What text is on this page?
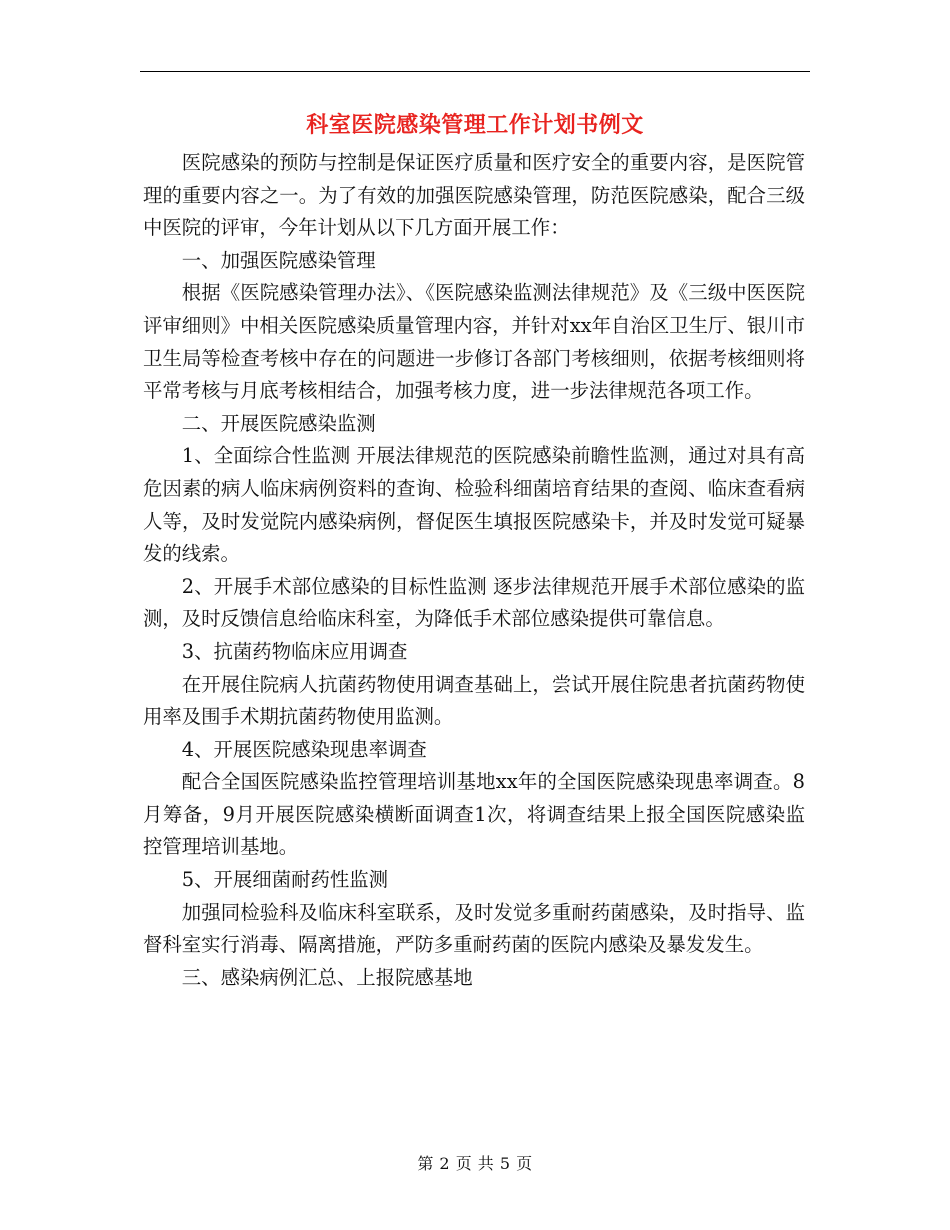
科室医院感染管理工作计划书例文

医院感染的预防与控制是保证医疗质量和医疗安全的重要内容，是医院管理的重要内容之一。为了有效的加强医院感染管理，防范医院感染，配合三级中医院的评审，今年计划从以下几方面开展工作：

一、加强医院感染管理

根据《医院感染管理办法》、《医院感染监测法律规范》及《三级中医医院评审细则》中相关医院感染质量管理内容，并针对xx年自治区卫生厅、银川市卫生局等检查考核中存在的问题进一步修订各部门考核细则，依据考核细则将平常考核与月底考核相结合，加强考核力度，进一步法律规范各项工作。

二、开展医院感染监测

1、全面综合性监测 开展法律规范的医院感染前瞻性监测，通过对具有高危因素的病人临床病例资料的查询、检验科细菌培育结果的查阅、临床查看病人等，及时发觉院内感染病例，督促医生填报医院感染卡，并及时发觉可疑暴发的线索。

2、开展手术部位感染的目标性监测 逐步法律规范开展手术部位感染的监测，及时反馈信息给临床科室，为降低手术部位感染提供可靠信息。

3、抗菌药物临床应用调查

在开展住院病人抗菌药物使用调查基础上，尝试开展住院患者抗菌药物使用率及围手术期抗菌药物使用监测。

4、开展医院感染现患率调查

配合全国医院感染监控管理培训基地xx年的全国医院感染现患率调查。8月筹备，9月开展医院感染横断面调查1次，将调查结果上报全国医院感染监控管理培训基地。

5、开展细菌耐药性监测

加强同检验科及临床科室联系，及时发觉多重耐药菌感染，及时指导、监督科室实行消毒、隔离措施，严防多重耐药菌的医院内感染及暴发发生。

三、感染病例汇总、上报院感基地

第 2 页 共 5 页
